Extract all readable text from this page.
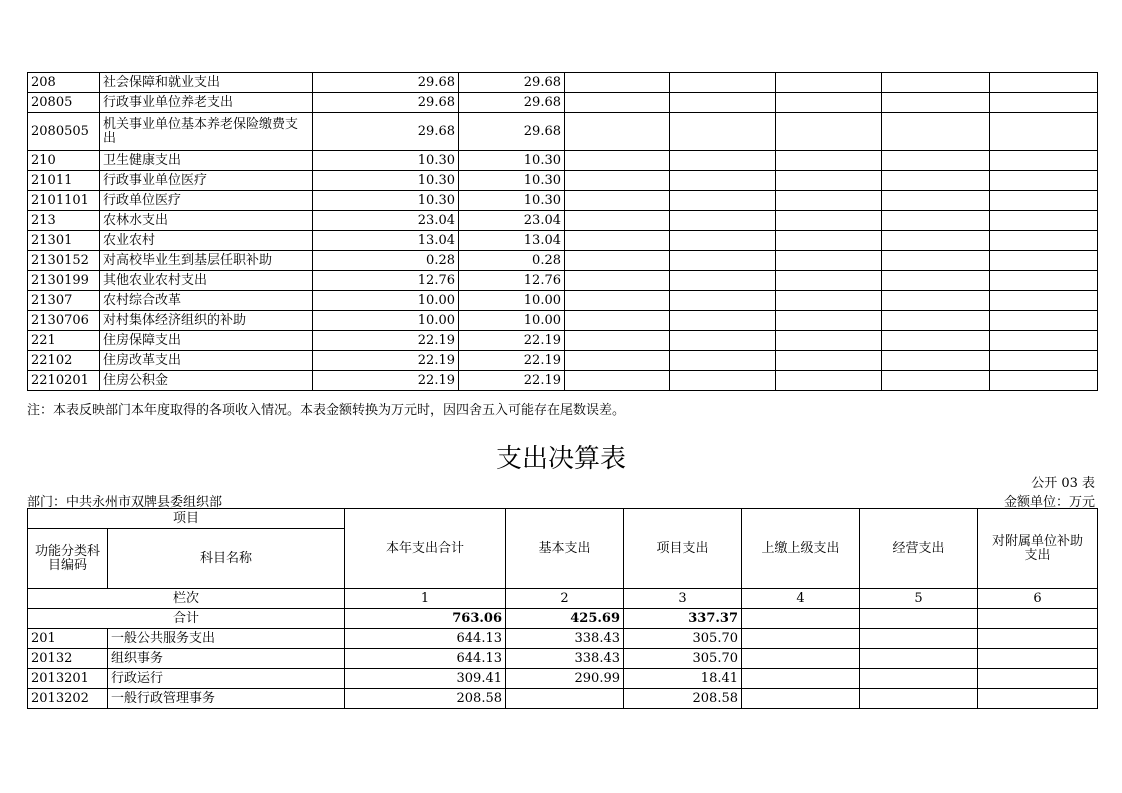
208	社会保障和就业支出	29.68	29.68					
20805	行政事业单位养老支出	29.68	29.68					
2080505	机关事业单位基本养老保险缴费支出	29.68	29.68					
210	卫生健康支出	10.30	10.30					
21011	行政事业单位医疗	10.30	10.30					
2101101	行政单位医疗	10.30	10.30					
213	农林水支出	23.04	23.04					
21301	农业农村	13.04	13.04					
2130152	对高校毕业生到基层任职补助	0.28	0.28					
2130199	其他农业农村支出	12.76	12.76					
21307	农村综合改革	10.00	10.00					
2130706	对村集体经济组织的补助	10.00	10.00					
221	住房保障支出	22.19	22.19					
22102	住房改革支出	22.19	22.19					
2210201	住房公积金	22.19	22.19					
注：本表反映部门本年度取得的各项收入情况。本表金额转换为万元时，因四舍五入可能存在尾数误差。
支出决算表
公开 03 表
部门：中共永州市双牌县委组织部	金额单位：万元
项目		本年支出合计	基本支出	项目支出	上缴上级支出	经营支出	对附属单位补助支出
功能分类科目编码	科目名称						
栏次		1	2	3	4	5	6
合计		763.06	425.69	337.37			
201	一般公共服务支出	644.13	338.43	305.70			
20132	组织事务	644.13	338.43	305.70			
2013201	行政运行	309.41	290.99	18.41			
2013202	一般行政管理事务	208.58		208.58			
